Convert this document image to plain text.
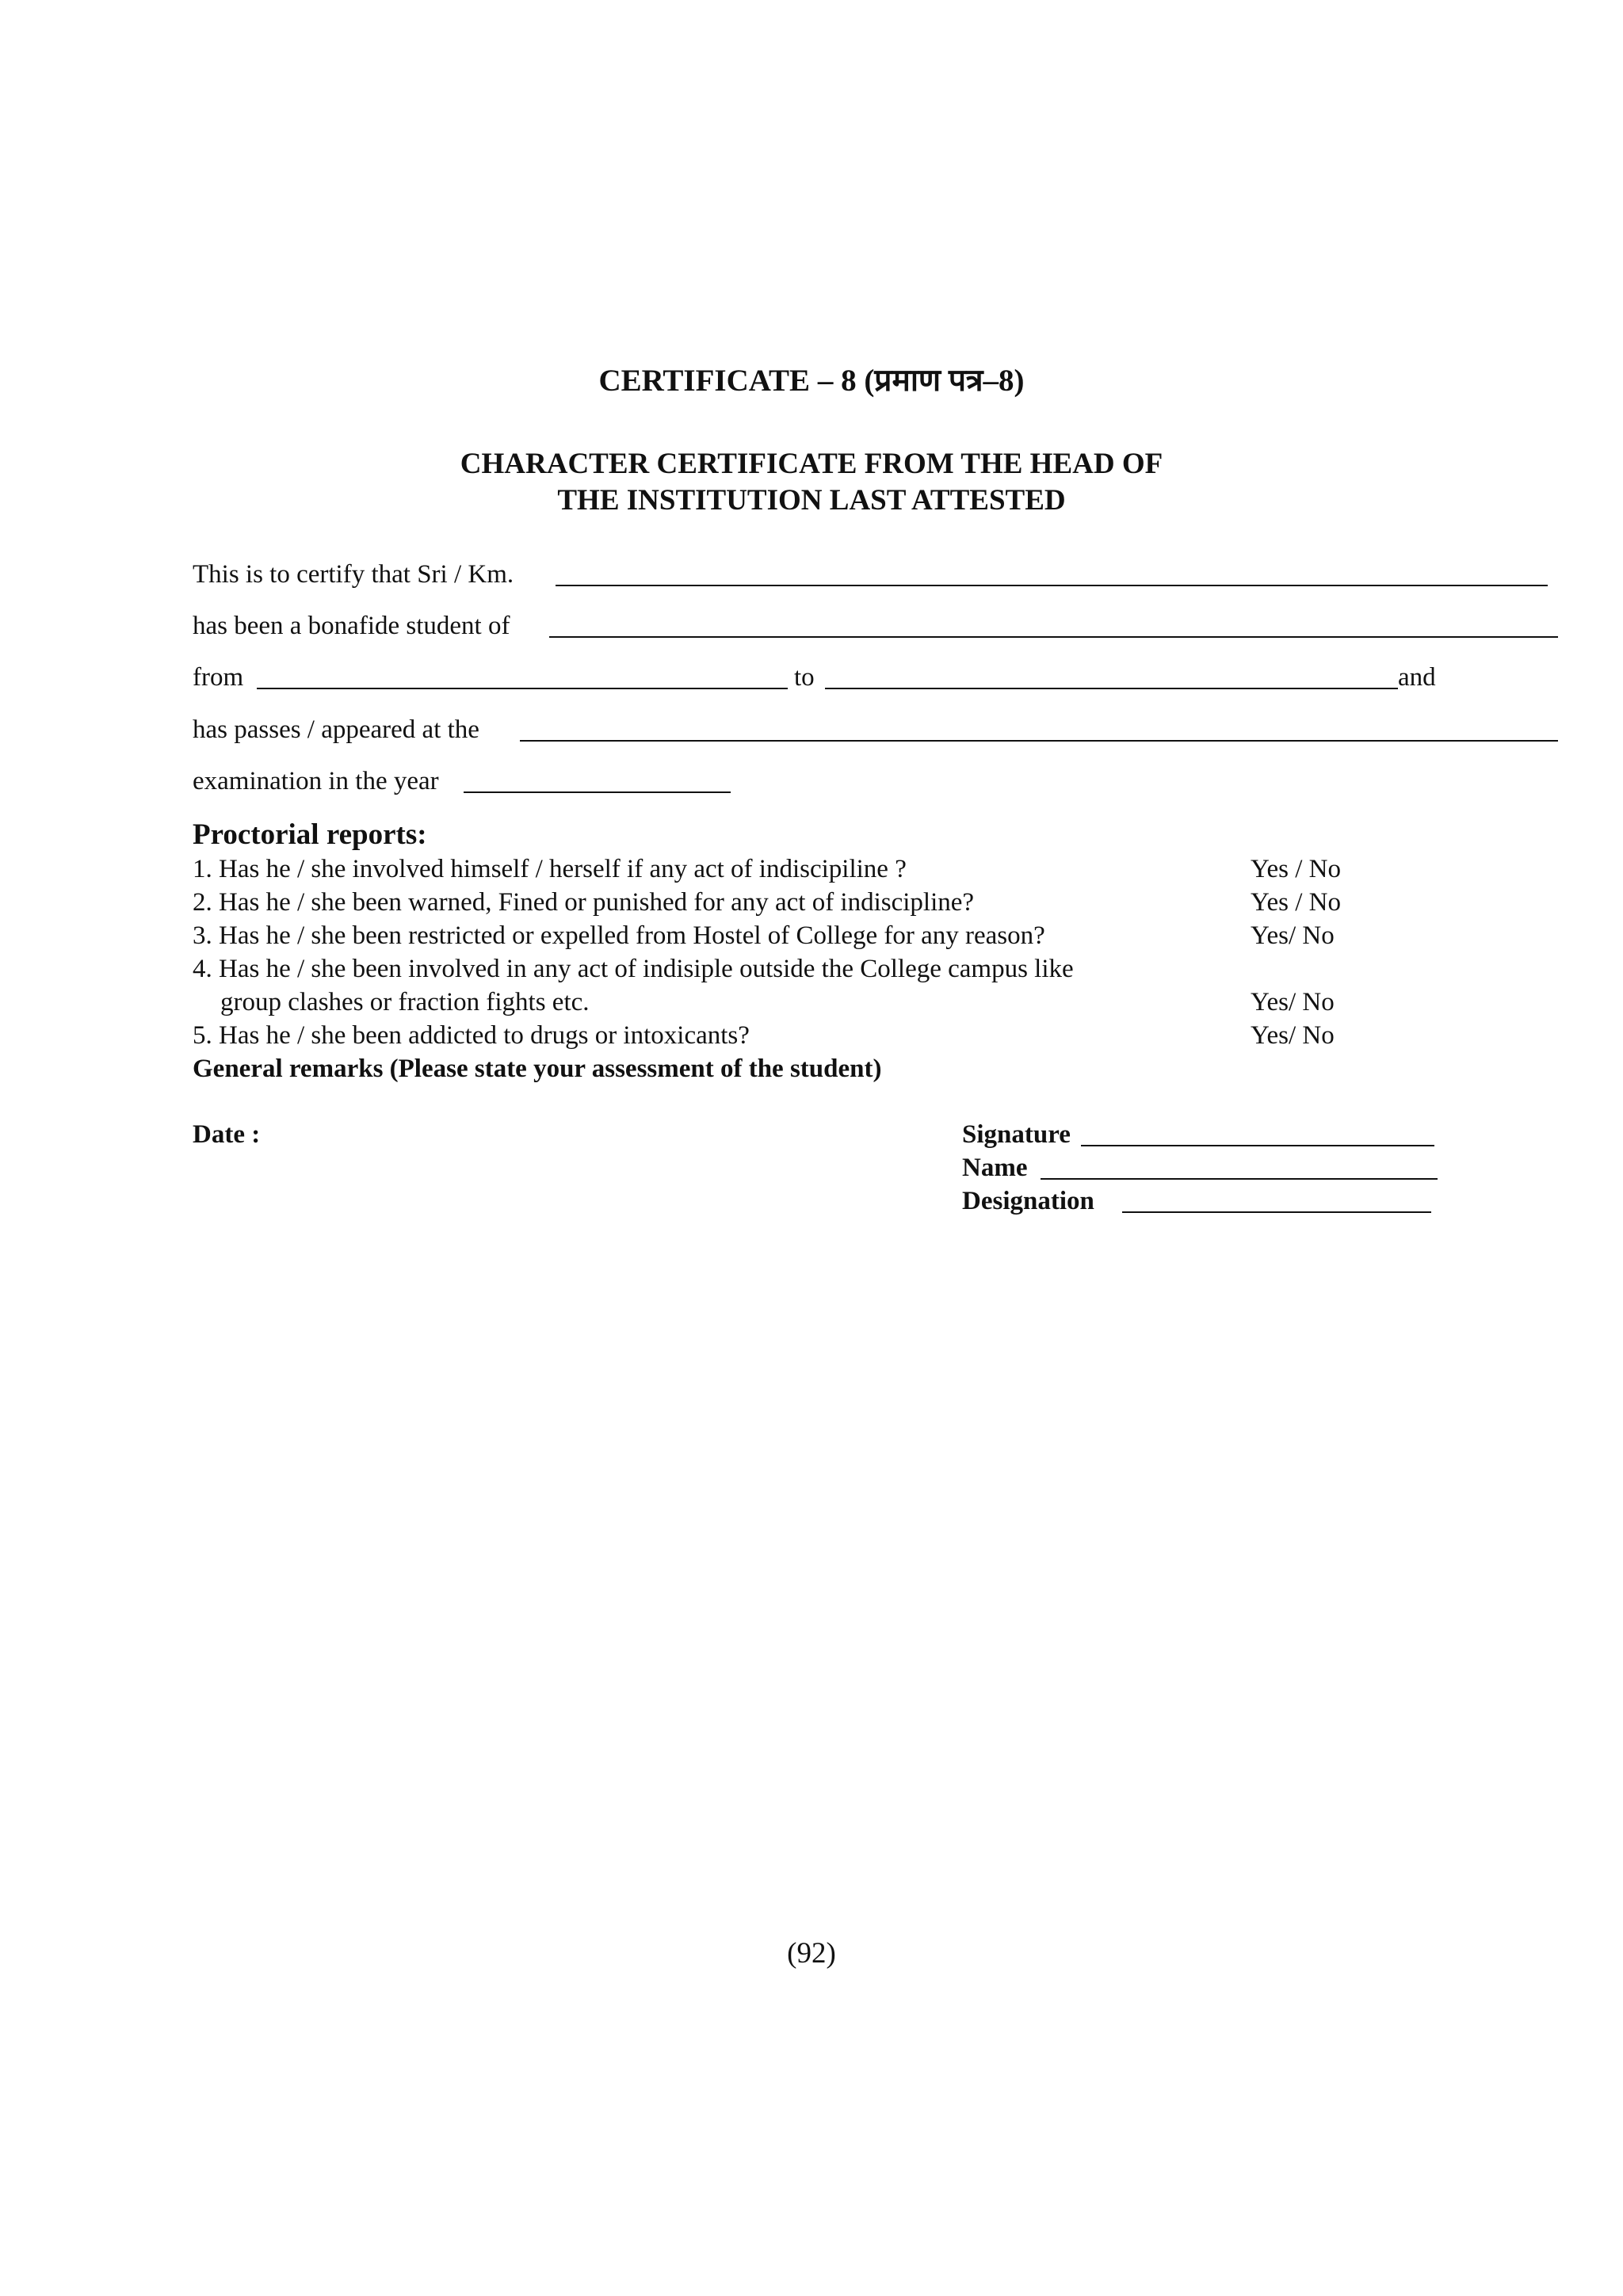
CERTIFICATE – 8 (प्रमाण पत्र–8)
CHARACTER CERTIFICATE FROM THE HEAD OF
THE INSTITUTION LAST ATTESTED
This is to certify that Sri / Km.
has been a bonafide student of
from	to	and
has passes / appeared at the
examination in the year
Proctorial reports:
1. Has he / she involved himself / herself if any act of indiscipiline ?	Yes / No
2. Has he / she been warned, Fined or punished for any act of indiscipline?	Yes / No
3. Has he / she been restricted or expelled from Hostel of College for any reason?	Yes/ No
4. Has he / she been involved in any act of indisiple outside the College campus like
group clashes or fraction fights etc.	Yes/ No
5. Has he / she been addicted to drugs or intoxicants?	Yes/ No
General remarks (Please state your assessment of the student)
Date :	Signature
Name
Designation
(92)
